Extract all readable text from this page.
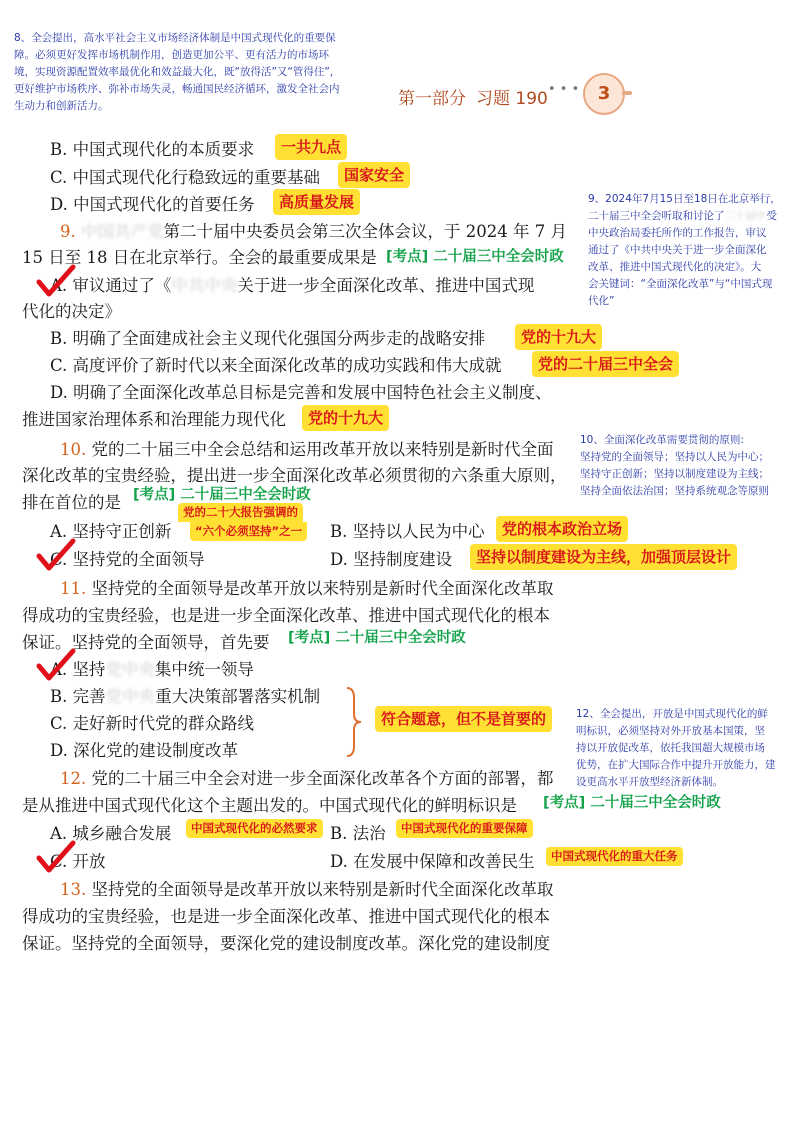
8、全会提出，高水平社会主义市场经济体制是中国式现代化的重要保
障。必须更好发挥市场机制作用，创造更加公平、更有活力的市场环
境，实现资源配置效率最优化和效益最大化，既“放得活”又“管得住”，
更好维护市场秩序、弥补市场失灵，畅通国民经济循环，激发全社会内
生动力和创新活力。	第一部分 习题 190 • • •	3
B. 中国式现代化的本质要求	一共九点
C. 中国式现代化行稳致远的重要基础	国家安全
D. 中国式现代化的首要任务	高质量发展	9、2024年7月15日至18日在北京举行，
二十届三中全会听取和讨论了二十届中受
中央政治局委托所作的工作报告，审议
通过了《中共中央关于进一步全面深化
改革、推进中国式现代化的决定》。大
会关键词：“全面深化改革”与“中国式现
代化”
9. 中国共产党第二十届中央委员会第三次全体会议，于 2024 年 7 月
15 日至 18 日在北京举行。全会的最重要成果是 [考点] 二十届三中全会时政
A. 审议通过了《中共中央关于进一步全面深化改革、推进中国式现
代化的决定》
B. 明确了全面建成社会主义现代化强国分两步走的战略安排	党的十九大
C. 高度评价了新时代以来全面深化改革的成功实践和伟大成就	党的二十届三中全会
D. 明确了全面深化改革总目标是完善和发展中国特色社会主义制度、
推进国家治理体系和治理能力现代化	党的十九大
10、全面深化改革需要贯彻的原则:
坚持党的全面领导；坚持以人民为中心；
坚持守正创新；坚持以制度建设为主线；
坚持全面依法治国；坚持系统观念等原则
10. 党的二十届三中全会总结和运用改革开放以来特别是新时代全面
深化改革的宝贵经验，提出进一步全面深化改革必须贯彻的六条重大原则，
排在首位的是 [考点] 二十届三中全会时政
A. 坚持守正创新
党的二十大报告强调的
“六个必须坚持”之一	B. 坚持以人民为中心	党的根本政治立场
C. 坚持党的全面领导	D. 坚持制度建设	坚持以制度建设为主线，加强顶层设计
11. 坚持党的全面领导是改革开放以来特别是新时代全面深化改革取
得成功的宝贵经验，也是进一步全面深化改革、推进中国式现代化的根本
保证。坚持党的全面领导，首先要 [考点] 二十届三中全会时政
A. 坚持党中央集中统一领导
B. 完善党中央重大决策部署落实机制
C. 走好新时代党的群众路线
D. 深化党的建设制度改革
符合题意，但不是首要的	12、全会提出，开放是中国式现代化的鲜
明标识，必须坚持对外开放基本国策，坚
持以开放促改革，依托我国超大规模市场
优势，在扩大国际合作中提升开放能力，建
设更高水平开放型经济新体制。
12. 党的二十届三中全会对进一步全面深化改革各个方面的部署，都
是从推进中国式现代化这个主题出发的。中国式现代化的鲜明标识是 [考点] 二十届三中全会时政
A. 城乡融合发展	中国式现代化的必然要求 B. 法治	中国式现代化的重要保障
C. 开放	D. 在发展中保障和改善民生	中国式现代化的重大任务
13. 坚持党的全面领导是改革开放以来特别是新时代全面深化改革取
得成功的宝贵经验，也是进一步全面深化改革、推进中国式现代化的根本
保证。坚持党的全面领导，要深化党的建设制度改革。深化党的建设制度
